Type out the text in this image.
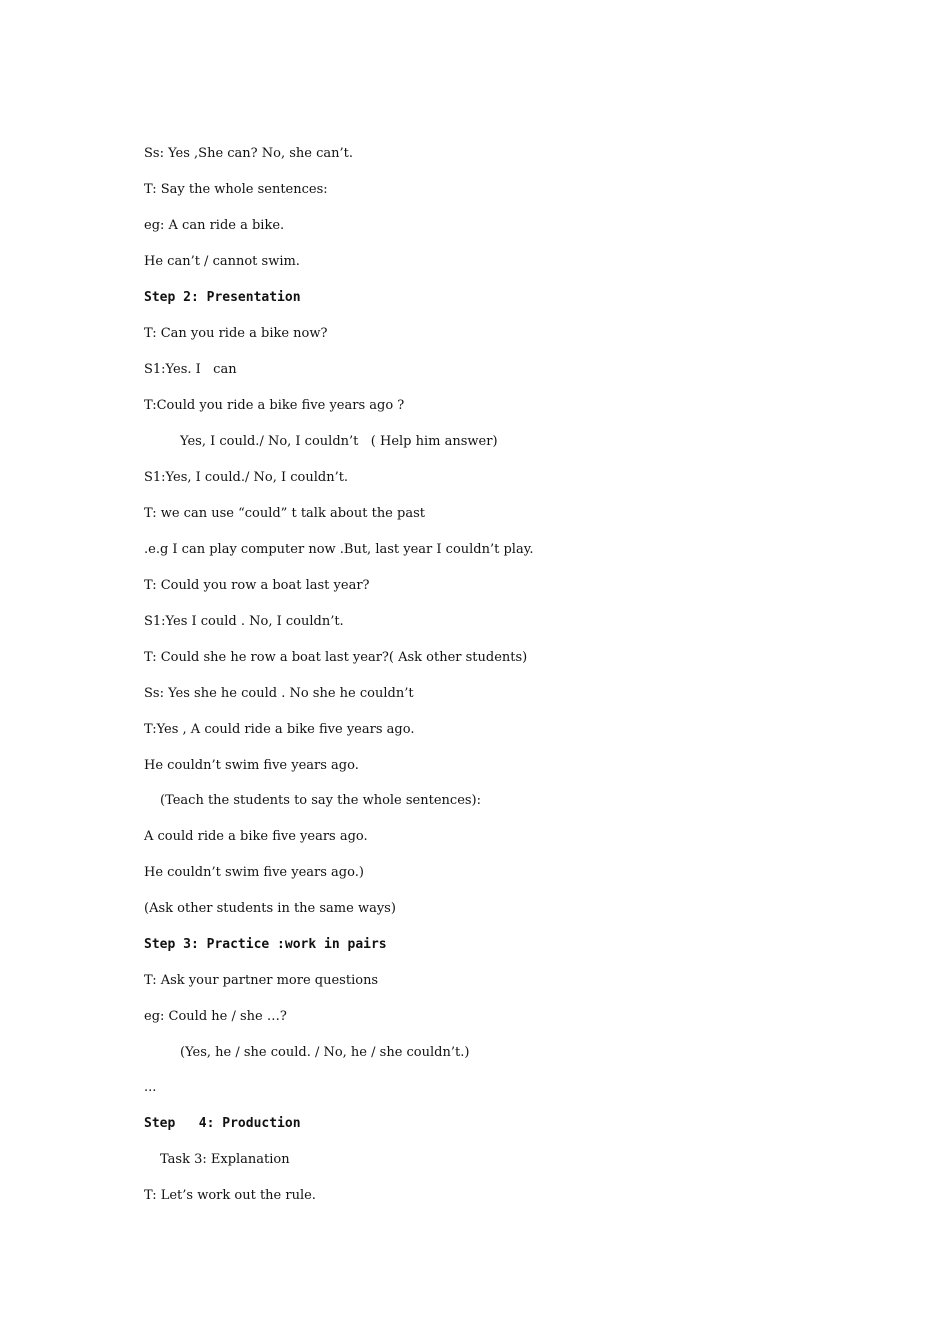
Ss: Yes ,She can? No, she can’t.

T: Say the whole sentences:

eg: A can ride a bike.

He can’t / cannot swim.

Step 2: Presentation

T: Can you ride a bike now?

S1:Yes. I   can

T:Could you ride a bike five years ago ?

Yes, I could./ No, I couldn’t   ( Help him answer)

S1:Yes, I could./ No, I couldn’t.

T: we can use “could” t talk about the past

.e.g I can play computer now .But, last year I couldn’t play.

T: Could you row a boat last year?

S1:Yes I could . No, I couldn’t.

T: Could she he row a boat last year?( Ask other students)

Ss: Yes she he could . No she he couldn’t

T:Yes , A could ride a bike five years ago.

He couldn’t swim five years ago.

(Teach the students to say the whole sentences):

A could ride a bike five years ago.

He couldn’t swim five years ago.)

(Ask other students in the same ways)

Step 3: Practice :work in pairs

T: Ask your partner more questions

eg: Could he / she …?

(Yes, he / she could. / No, he / she couldn’t.)

...

Step   4: Production

Task 3: Explanation

T: Let’s work out the rule.
